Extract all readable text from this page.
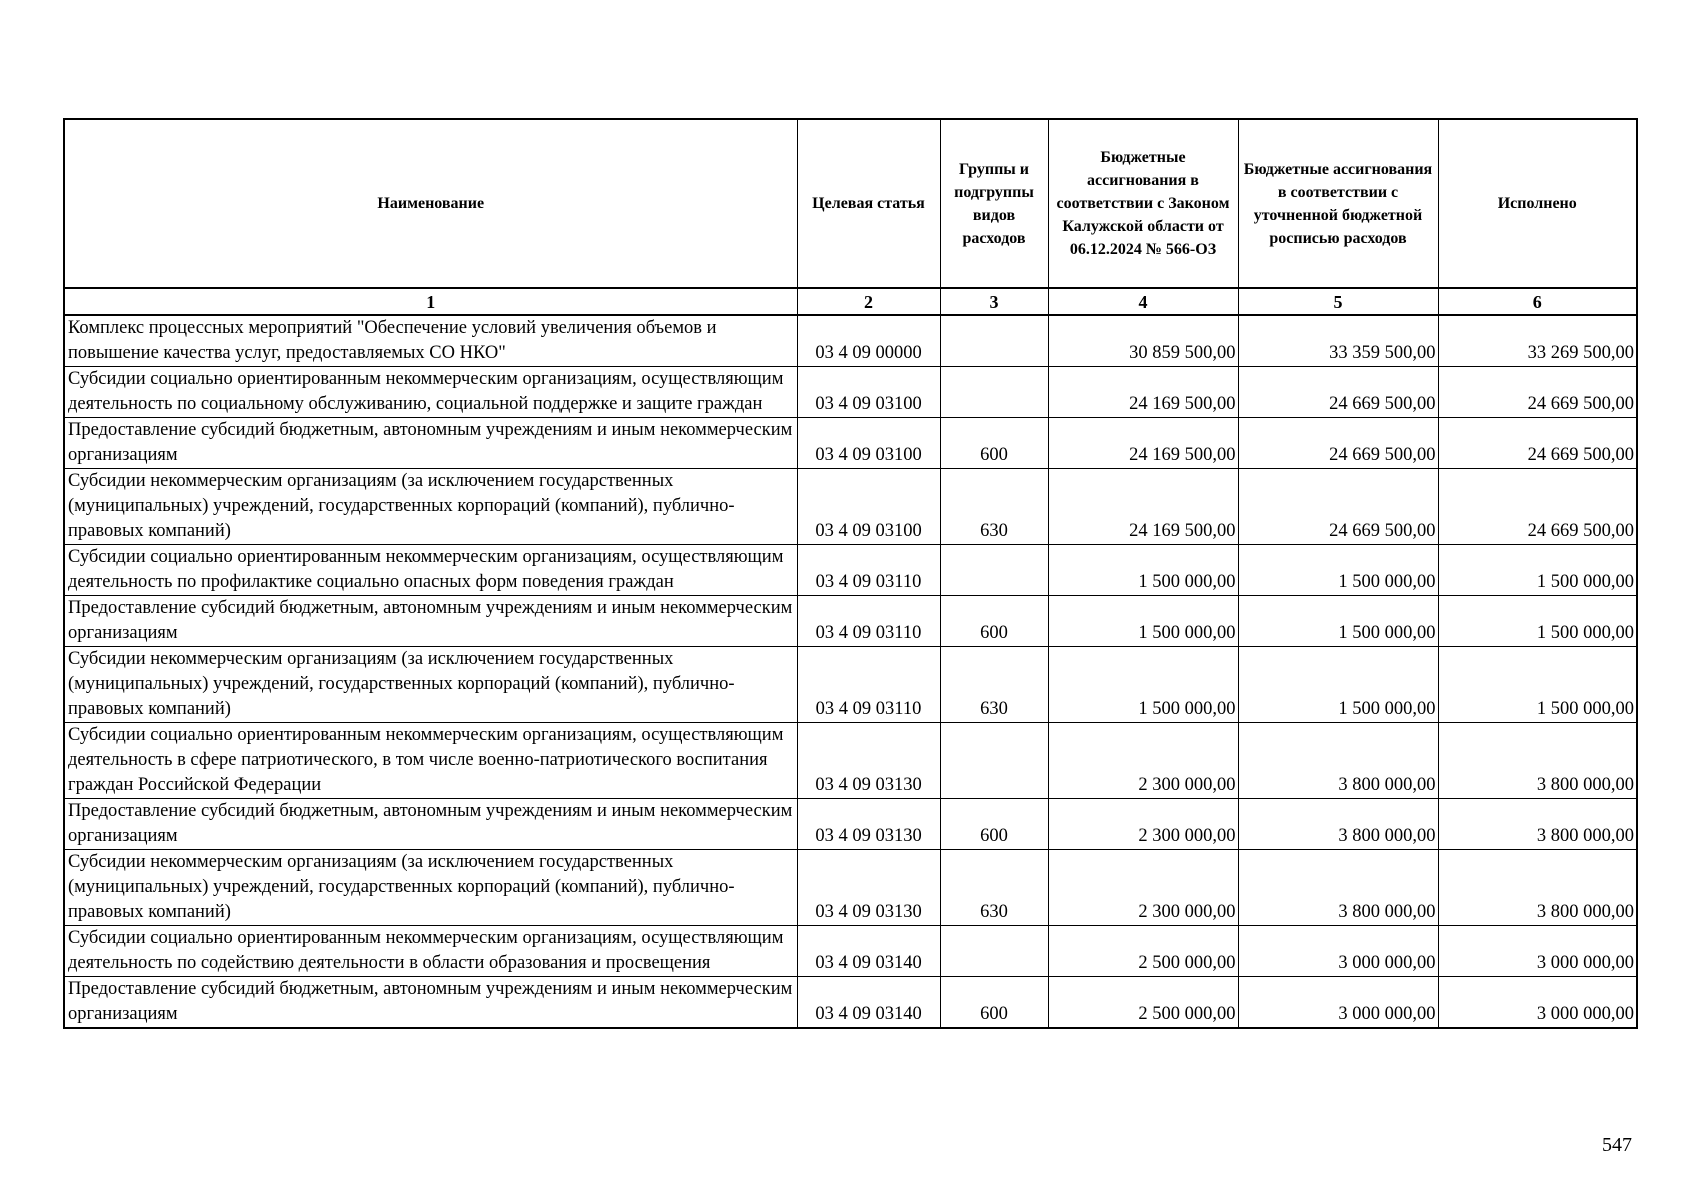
Наименование	Целевая статья	Группы и подгруппы видов расходов	Бюджетные ассигнования в соответствии с Законом Калужской области от 06.12.2024 № 566-ОЗ	Бюджетные ассигнования в соответствии с уточненной бюджетной росписью расходов	Исполнено
1	2	3	4	5	6
Комплекс процессных мероприятий "Обеспечение условий увеличения объемов и повышение качества услуг, предоставляемых СО НКО"	03 4 09 00000		30 859 500,00	33 359 500,00	33 269 500,00
Субсидии социально ориентированным некоммерческим организациям, осуществляющим деятельность по социальному обслуживанию, социальной поддержке и защите граждан	03 4 09 03100		24 169 500,00	24 669 500,00	24 669 500,00
Предоставление субсидий бюджетным, автономным учреждениям и иным некоммерческим организациям	03 4 09 03100	600	24 169 500,00	24 669 500,00	24 669 500,00
Субсидии некоммерческим организациям (за исключением государственных (муниципальных) учреждений, государственных корпораций (компаний), публично-правовых компаний)	03 4 09 03100	630	24 169 500,00	24 669 500,00	24 669 500,00
Субсидии социально ориентированным некоммерческим организациям, осуществляющим деятельность по профилактике социально опасных форм поведения граждан	03 4 09 03110		1 500 000,00	1 500 000,00	1 500 000,00
Предоставление субсидий бюджетным, автономным учреждениям и иным некоммерческим организациям	03 4 09 03110	600	1 500 000,00	1 500 000,00	1 500 000,00
Субсидии некоммерческим организациям (за исключением государственных (муниципальных) учреждений, государственных корпораций (компаний), публично-правовых компаний)	03 4 09 03110	630	1 500 000,00	1 500 000,00	1 500 000,00
Субсидии социально ориентированным некоммерческим организациям, осуществляющим деятельность в сфере патриотического, в том числе военно-патриотического воспитания граждан Российской Федерации	03 4 09 03130		2 300 000,00	3 800 000,00	3 800 000,00
Предоставление субсидий бюджетным, автономным учреждениям и иным некоммерческим организациям	03 4 09 03130	600	2 300 000,00	3 800 000,00	3 800 000,00
Субсидии некоммерческим организациям (за исключением государственных (муниципальных) учреждений, государственных корпораций (компаний), публично-правовых компаний)	03 4 09 03130	630	2 300 000,00	3 800 000,00	3 800 000,00
Субсидии социально ориентированным некоммерческим организациям, осуществляющим деятельность по содействию деятельности в области образования и просвещения	03 4 09 03140		2 500 000,00	3 000 000,00	3 000 000,00
Предоставление субсидий бюджетным, автономным учреждениям и иным некоммерческим организациям	03 4 09 03140	600	2 500 000,00	3 000 000,00	3 000 000,00
547
